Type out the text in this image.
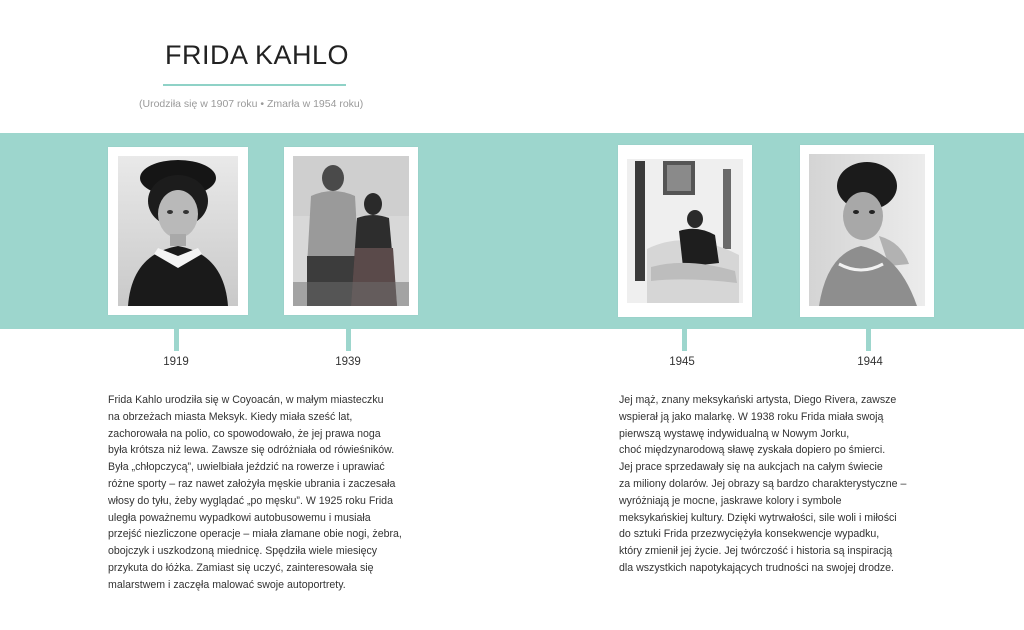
FRIDA KAHLO
(Urodziła się w 1907 roku • Zmarła w 1954 roku)
1919	1939	1945	1944

Frida Kahlo urodziła się w Coyoacán, w małym miasteczku
na obrzeżach miasta Meksyk. Kiedy miała sześć lat,
zachorowała na polio, co spowodowało, że jej prawa noga
była krótsza niż lewa. Zawsze się odróżniała od rówieśników.
Była „chłopczycą”, uwielbiała jeździć na rowerze i uprawiać
różne sporty – raz nawet założyła męskie ubrania i zaczesała
włosy do tyłu, żeby wyglądać „po męsku”. W 1925 roku Frida
uległa poważnemu wypadkowi autobusowemu i musiała
przejść niezliczone operacje – miała złamane obie nogi, żebra,
obojczyk i uszkodzoną miednicę. Spędziła wiele miesięcy
przykuta do łóżka. Zamiast się uczyć, zainteresowała się
malarstwem i zaczęła malować swoje autoportrety.

Jej mąż, znany meksykański artysta, Diego Rivera, zawsze
wspierał ją jako malarkę. W 1938 roku Frida miała swoją
pierwszą wystawę indywidualną w Nowym Jorku,
choć międzynarodową sławę zyskała dopiero po śmierci.
Jej prace sprzedawały się na aukcjach na całym świecie
za miliony dolarów. Jej obrazy są bardzo charakterystyczne –
wyróżniają je mocne, jaskrawe kolory i symbole
meksykańskiej kultury. Dzięki wytrwałości, sile woli i miłości
do sztuki Frida przezwyciężyła konsekwencje wypadku,
który zmienił jej życie. Jej twórczość i historia są inspiracją
dla wszystkich napotykających trudności na swojej drodze.
